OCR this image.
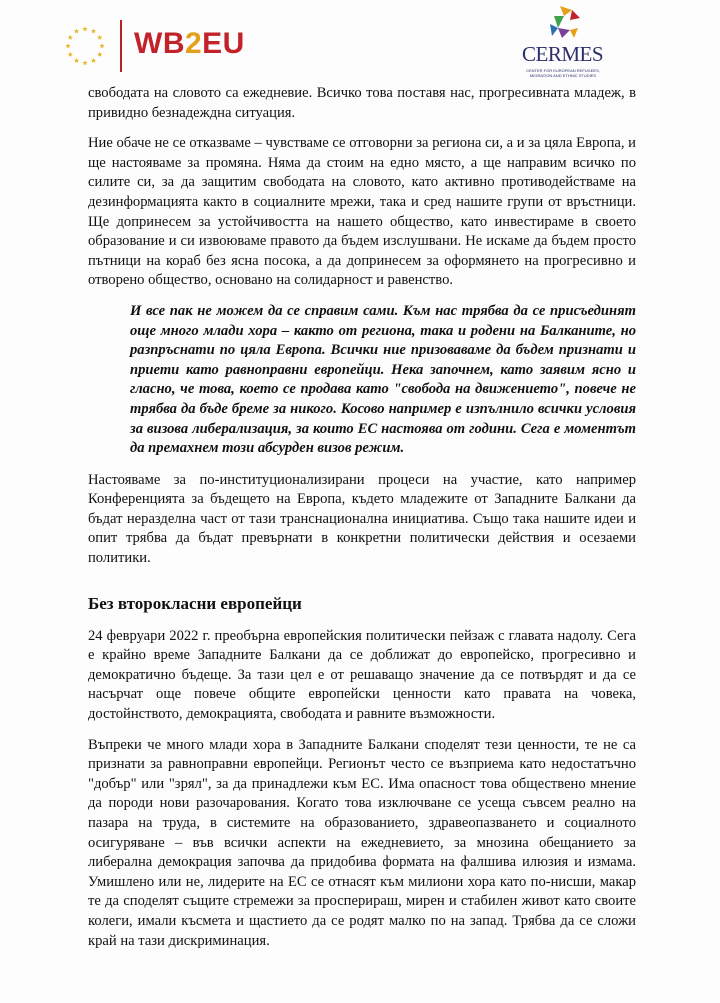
WB2EU	CERMES
CENTER FOR EUROPEAN REFUGEES, MIGRATION AND ETHNIC STUDIES

свободата на словото са ежедневие. Всичко това поставя нас, прогресивната младеж, в привидно безнадеждна ситуация.

Ние обаче не се отказваме – чувстваме се отговорни за региона си, а и за цяла Европа, и ще настояваме за промяна. Няма да стоим на едно място, а ще направим всичко по силите си, за да защитим свободата на словото, като активно противодействаме на дезинформацията както в социалните мрежи, така и сред нашите групи от връстници. Ще допринесем за устойчивостта на нашето общество, като инвестираме в своето образование и си извоюваме правото да бъдем изслушвани. Не искаме да бъдем просто пътници на кораб без ясна посока, а да допринесем за оформянето на прогресивно и отворено общество, основано на солидарност и равенство.

И все пак не можем да се справим сами. Към нас трябва да се присъединят още много млади хора – както от региона, така и родени на Балканите, но разпръснати по цяла Европа. Всички ние призоваваме да бъдем признати и приети като равноправни европейци. Нека започнем, като заявим ясно и гласно, че това, което се продава като "свобода на движението", повече не трябва да бъде бреме за никого. Косово например е изпълнило всички условия за визова либерализация, за които ЕС настоява от години. Сега е моментът да премахнем този абсурден визов режим.

Настояваме за по-институционализирани процеси на участие, като например Конференцията за бъдещето на Европа, където младежите от Западните Балкани да бъдат неразделна част от тази транснационална инициатива. Също така нашите идеи и опит трябва да бъдат превърнати в конкретни политически действия и осезаеми политики.

Без второкласни европейци

24 февруари 2022 г. преобърна европейския политически пейзаж с главата надолу. Сега е крайно време Западните Балкани да се доближат до европейско, прогресивно и демократично бъдеще. За тази цел е от решаващо значение да се потвърдят и да се насърчат още повече общите европейски ценности като правата на човека, достойнството, демокрацията, свободата и равните възможности.

Въпреки че много млади хора в Западните Балкани споделят тези ценности, те не са признати за равноправни европейци. Регионът често се възприема като недостатъчно "добър" или "зрял", за да принадлежи към ЕС. Има опасност това обществено мнение да породи нови разочарования. Когато това изключване се усеща съвсем реално на пазара на труда, в системите на образованието, здравеопазването и социалното осигуряване – във всички аспекти на ежедневието, за мнозина обещанието за либерална демокрация започва да придобива формата на фалшива илюзия и измама. Умишлено или не, лидерите на ЕС се отнасят към милиони хора като по-нисши, макар те да споделят същите стремежи за просперираш, мирен и стабилен живот като своите колеги, имали късмета и щастието да се родят малко по на запад. Трябва да се сложи край на тази дискриминация.
